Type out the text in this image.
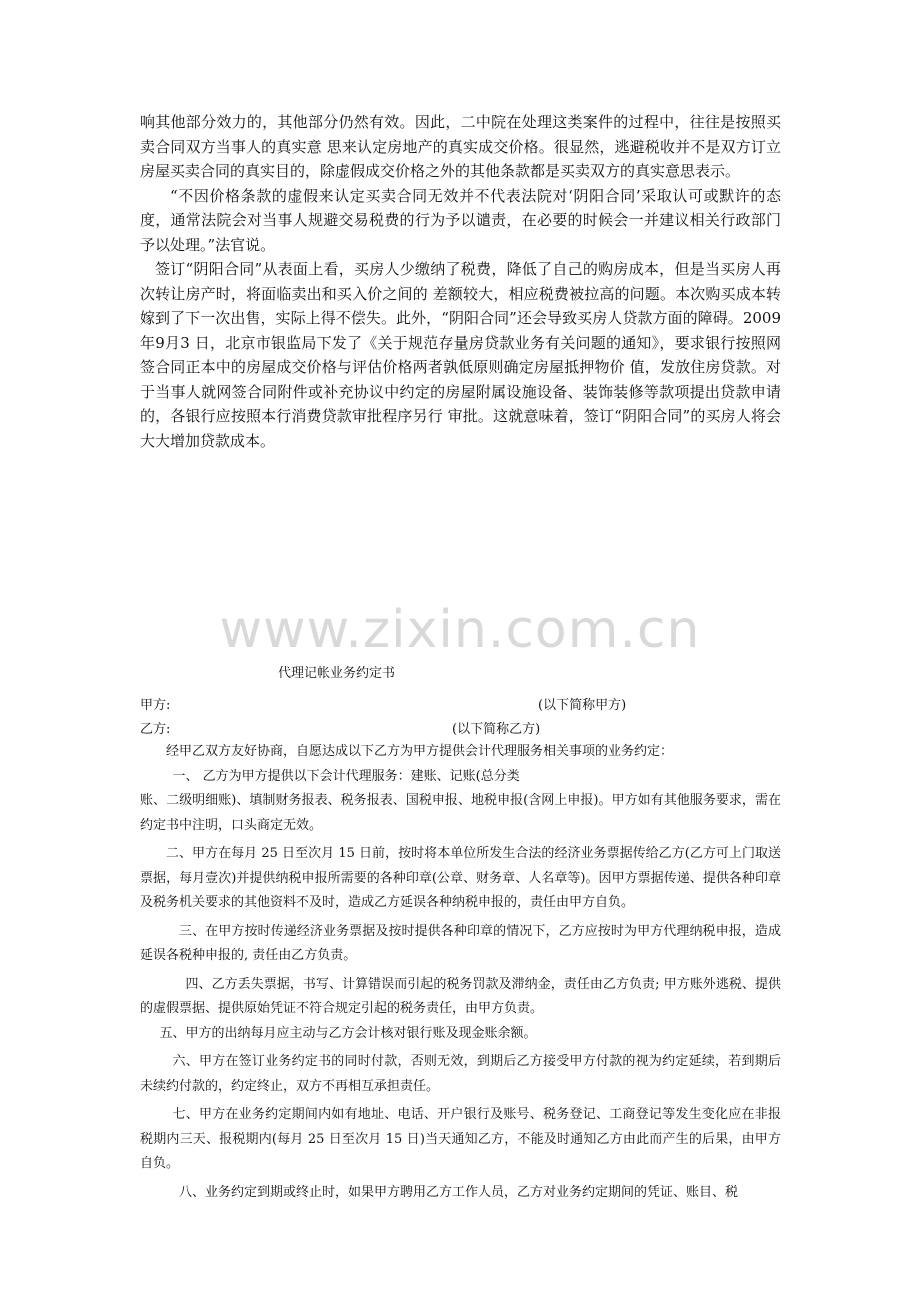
响其他部分效力的，其他部分仍然有效。因此，二中院在处理这类案件的过程中，往往是按照买卖合同双方当事人的真实意 思来认定房地产的真实成交价格。很显然，逃避税收并不是双方订立房屋买卖合同的真实目的，除虚假成交价格之外的其他条款都是买卖双方的真实意思表示。

“不因价格条款的虚假来认定买卖合同无效并不代表法院对‘阴阳合同’采取认可或默许的态度，通常法院会对当事人规避交易税费的行为予以谴责，在必要的时候会一并建议相关行政部门予以处理。”法官说。

签订“阴阳合同”从表面上看，买房人少缴纳了税费，降低了自己的购房成本，但是当买房人再次转让房产时，将面临卖出和买入价之间的 差额较大，相应税费被拉高的问题。本次购买成本转嫁到了下一次出售，实际上得不偿失。此外，“阴阳合同”还会导致买房人贷款方面的障碍。2009年9月3 日，北京市银监局下发了《关于规范存量房贷款业务有关问题的通知》，要求银行按照网签合同正本中的房屋成交价格与评估价格两者孰低原则确定房屋抵押物价 值，发放住房贷款。对于当事人就网签合同附件或补充协议中约定的房屋附属设施设备、装饰装修等款项提出贷款申请的，各银行应按照本行消费贷款审批程序另行 审批。这就意味着，签订“阴阳合同”的买房人将会大大增加贷款成本。

www.zixin.com.cn
代理记帐业务约定书
甲方:	(以下简称甲方)
乙方:	(以下简称乙方)

经甲乙双方友好协商，自愿达成以下乙方为甲方提供会计代理服务相关事项的业务约定：

一、 乙方为甲方提供以下会计代理服务：建账、记账(总分类

账、二级明细账)、填制财务报表、税务报表、国税申报、地税申报(含网上申报)。甲方如有其他服务要求，需在约定书中注明，口头商定无效。

二、甲方在每月 25 日至次月 15 日前，按时将本单位所发生合法的经济业务票据传给乙方(乙方可上门取送票据，每月壹次)并提供纳税申报所需要的各种印章(公章、财务章、人名章等)。因甲方票据传递、提供各种印章及税务机关要求的其他资料不及时，造成乙方延误各种纳税申报的，责任由甲方自负。

三、在甲方按时传递经济业务票据及按时提供各种印章的情况下，乙方应按时为甲方代理纳税申报，造成延误各税种申报的, 责任由乙方负责。

四、乙方丢失票据，书写、计算错误而引起的税务罚款及滞纳金，责任由乙方负责; 甲方账外逃税、提供的虚假票据、提供原始凭证不符合规定引起的税务责任，由甲方负责。

五、甲方的出纳每月应主动与乙方会计核对银行账及现金账余额。

六、甲方在签订业务约定书的同时付款，否则无效，到期后乙方接受甲方付款的视为约定延续，若到期后未续约付款的，约定终止，双方不再相互承担责任。

七、甲方在业务约定期间内如有地址、电话、开户银行及账号、税务登记、工商登记等发生变化应在非报税期内三天、报税期内(每月 25 日至次月 15 日)当天通知乙方，不能及时通知乙方由此而产生的后果，由甲方自负。

八、业务约定到期或终止时，如果甲方聘用乙方工作人员，乙方对业务约定期间的凭证、账目、税
